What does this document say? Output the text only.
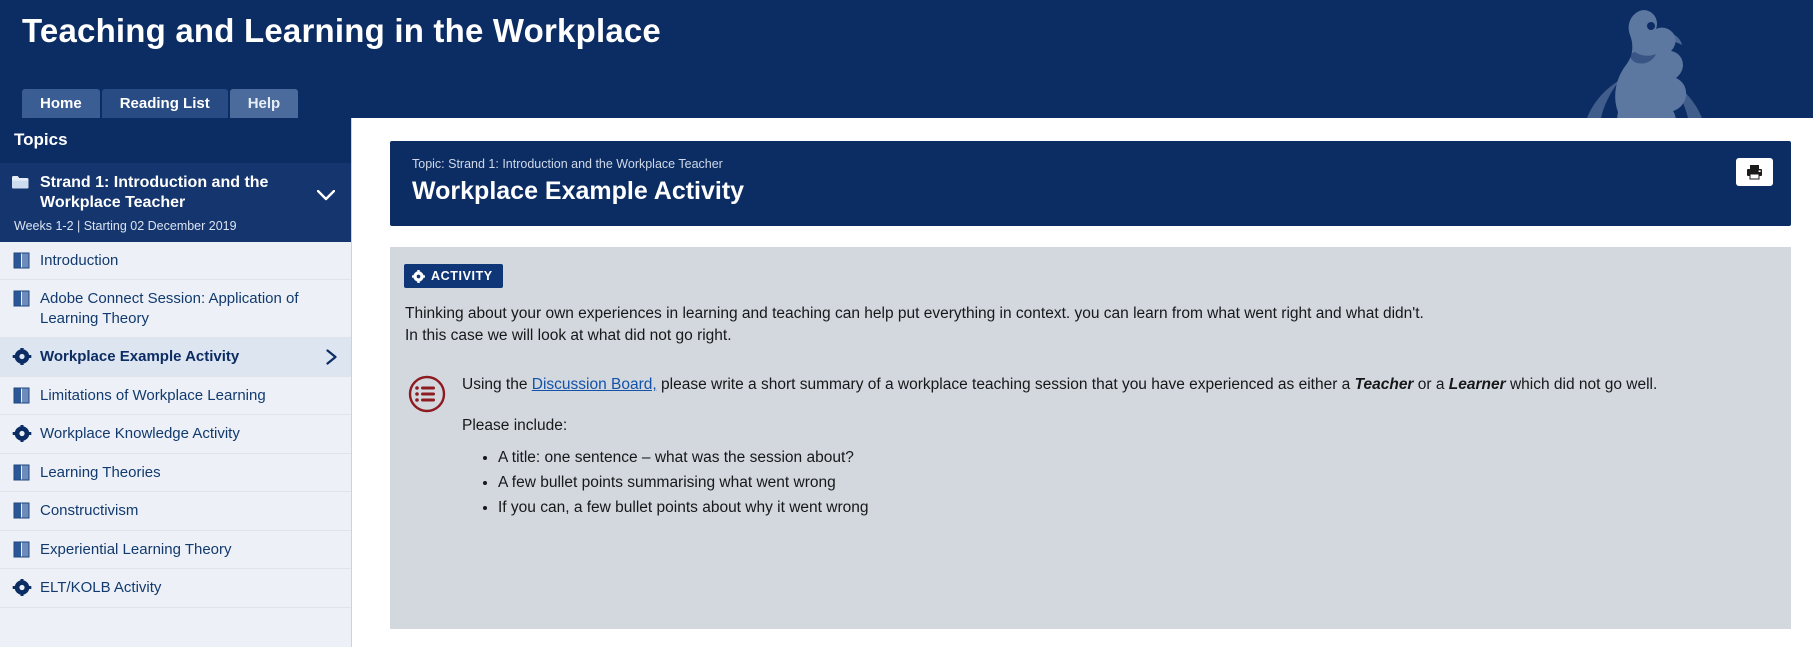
Teaching and Learning in the Workplace
Home	Reading List	Help
Topics
Strand 1: Introduction and the Workplace Teacher
Weeks 1-2 | Starting 02 December 2019
Introduction
Adobe Connect Session: Application of Learning Theory
Workplace Example Activity
Limitations of Workplace Learning
Workplace Knowledge Activity
Learning Theories
Constructivism
Experiential Learning Theory
ELT/KOLB Activity
Topic: Strand 1: Introduction and the Workplace Teacher
Workplace Example Activity
ACTIVITY
Thinking about your own experiences in learning and teaching can help put everything in context. you can learn from what went right and what didn't.
In this case we will look at what did not go right.
Using the Discussion Board, please write a short summary of a workplace teaching session that you have experienced as either a Teacher or a Learner which did not go well.
Please include:
• A title: one sentence – what was the session about?
• A few bullet points summarising what went wrong
• If you can, a few bullet points about why it went wrong
